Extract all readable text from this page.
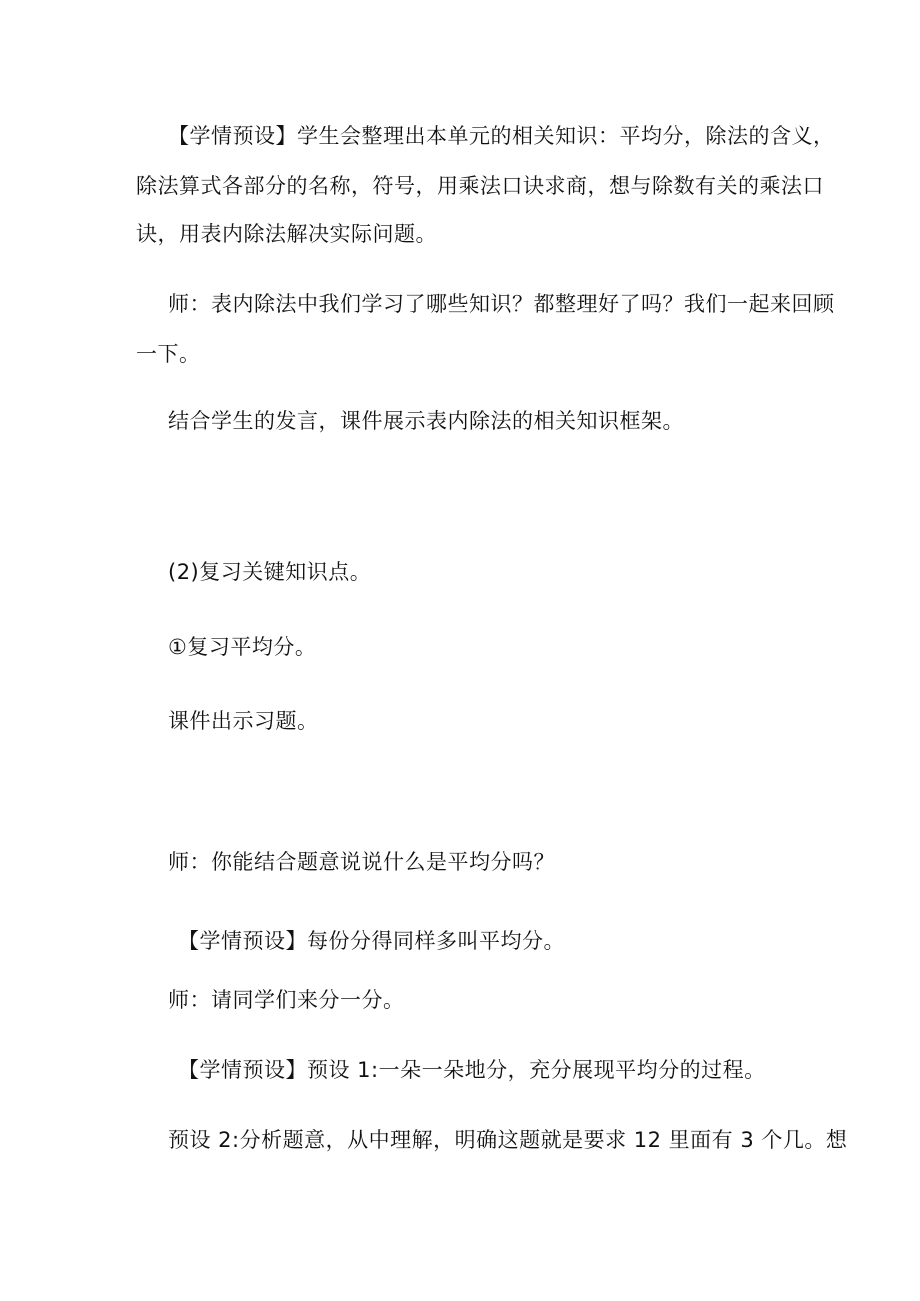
【学情预设】学生会整理出本单元的相关知识：平均分，除法的含义，
除法算式各部分的名称，符号，用乘法口诀求商，想与除数有关的乘法口
诀，用表内除法解决实际问题。
师：表内除法中我们学习了哪些知识？都整理好了吗？我们一起来回顾
一下。
结合学生的发言，课件展示表内除法的相关知识框架。
(2)复习关键知识点。
①复习平均分。
课件出示习题。
师：你能结合题意说说什么是平均分吗？
【学情预设】每份分得同样多叫平均分。
师：请同学们来分一分。
【学情预设】预设 1:一朵一朵地分，充分展现平均分的过程。
预设 2:分析题意，从中理解，明确这题就是要求 12 里面有 3 个几。想
